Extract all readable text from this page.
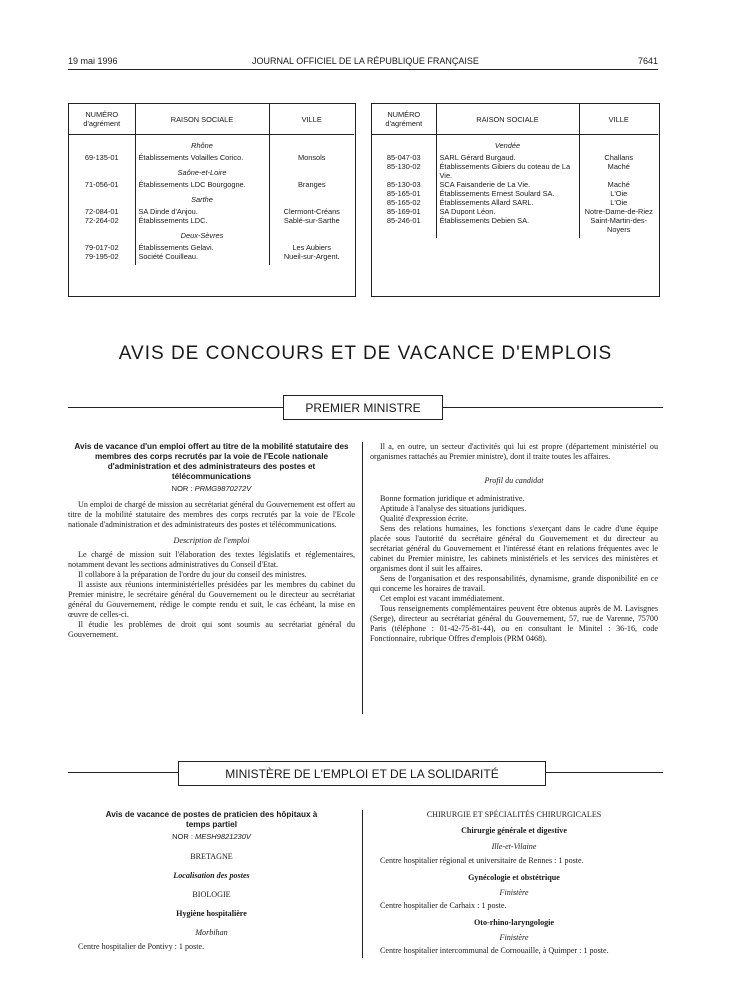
19 mai 1996	JOURNAL OFFICIEL DE LA RÉPUBLIQUE FRANÇAISE	7641
NUMÉRO d'agrément	RAISON SOCIALE	VILLE
	Rhône	
69-135-01	Établissements Volailles Corico.	Monsols
	Saône-et-Loire	
71-056-01	Établissements LDC Bourgogne.	Branges
	Sarthe	
72-084-01	SA Dinde d'Anjou.	Clermont-Créans
72-264-02	Établissements LDC.	Sablé-sur-Sarthe
	Deux-Sèvres	
79-017-02	Établissements Gelavi.	Les Aubiers
79-195-02	Société Couilleau.	Nueil-sur-Argent.

NUMÉRO d'agrément	RAISON SOCIALE	VILLE
	Vendée	
85-047-03	SARL Gérard Burgaud.	Challans
85-130-02	Établissements Gibiers du coteau de La Vie.	Maché
85-130-03	SCA Faisanderie de La Vie.	Maché
85-165-01	Établissements Ernest Soulard SA.	L'Oie
85-165-02	Établissements Allard SARL.	L'Oie
85-169-01	SA Dupont Léon.	Notre-Dame-de-Riez
85-246-01	Établissements Debien SA.	Saint-Martin-des-Noyers

AVIS DE CONCOURS ET DE VACANCE D'EMPLOIS
PREMIER MINISTRE

Avis de vacance d'un emploi offert au titre de la mobilité statutaire des membres des corps recrutés par la voie de l'Ecole nationale d'administration et des administrateurs des postes et télécommunications

NOR : PRMG9870272V

Un emploi de chargé de mission au secrétariat général du Gouvernement est offert au titre de la mobilité statutaire des membres des corps recrutés par la voie de l'Ecole nationale d'administration et des administrateurs des postes et télécommunications.

Description de l'emploi

Le chargé de mission suit l'élaboration des textes législatifs et réglementaires, notamment devant les sections administratives du Conseil d'Etat.

Il collabore à la préparation de l'ordre du jour du conseil des ministres.

Il assiste aux réunions interministérielles présidées par les membres du cabinet du Premier ministre, le secrétaire général du Gouvernement ou le directeur au secrétariat général du Gouvernement, rédige le compte rendu et suit, le cas échéant, la mise en œuvre de celles-ci.

Il étudie les problèmes de droit qui sont soumis au secrétariat général du Gouvernement.

Il a, en outre, un secteur d'activités qui lui est propre (département ministériel ou organismes rattachés au Premier ministre), dont il traite toutes les affaires.

Profil du candidat

Bonne formation juridique et administrative.

Aptitude à l'analyse des situations juridiques.

Qualité d'expression écrite.

Sens des relations humaines, les fonctions s'exerçant dans le cadre d'une équipe placée sous l'autorité du secrétaire général du Gouvernement et du directeur au secrétariat général du Gouvernement et l'intéressé étant en relations fréquentes avec le cabinet du Premier ministre, les cabinets ministériels et les services des ministères et organismes dont il suit les affaires.

Sens de l'organisation et des responsabilités, dynamisme, grande disponibilité en ce qui concerne les horaires de travail.

Cet emploi est vacant immédiatement.

Tous renseignements complémentaires peuvent être obtenus auprès de M. Lavisgnes (Serge), directeur au secrétariat général du Gouvernement, 57, rue de Varenne, 75700 Paris (téléphone : 01-42-75-81-44), ou en consultant le Minitel : 36-16, code Fonctionnaire, rubrique Offres d'emplois (PRM 0468).

MINISTÈRE DE L'EMPLOI ET DE LA SOLIDARITÉ

Avis de vacance de postes de praticien des hôpitaux à temps partiel

NOR : MESH9821230V

BRETAGNE

Localisation des postes

BIOLOGIE

Hygiène hospitalière

Morbihan

Centre hospitalier de Pontivy : 1 poste.

CHIRURGIE ET SPÉCIALITÉS CHIRURGICALES

Chirurgie générale et digestive

Ille-et-Vilaine

Centre hospitalier régional et universitaire de Rennes : 1 poste.

Gynécologie et obstétrique

Finistère

Centre hospitalier de Carhaix : 1 poste.

Oto-rhino-laryngologie

Finistère

Centre hospitalier intercommunal de Cornouaille, à Quimper : 1 poste.
